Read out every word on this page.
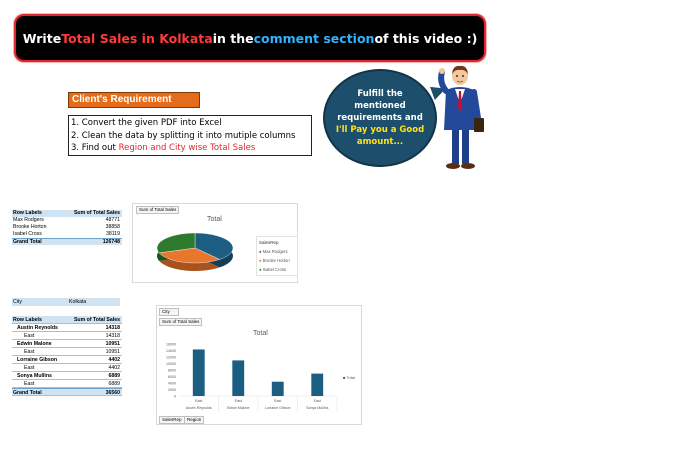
Write Total Sales in Kolkata in the comment section of this video :)
Client's Requirement
1. Convert the given PDF into Excel
2. Clean the data by splitting it into mutiple columns
3. Find out Region and City wise Total Sales
Fulfill the mentioned requirements and I'll Pay you a Good amount...
Row Labels	Sum of Total Sales
Max Rodgers	48771
Brooke Horton	38858
Isabel Cross	38119
Grand Total	126748
Sum of Total Sales
Total
SalesRep
● Max Rodgers
● Brooke Horton
● Isabel Cross
City	Kolkata
Row Labels	Sum of Total Sales
Austin Reynolds	14318
East	14318
Edwin Malone	10951
East	10951
Lorraine Gibson	4402
East	4402
Sonya Mullins	6889
East	6889
Grand Total	36560
City
Sum of Total Sales
Total
16000
14000
12000
10000
8000
6000
4000
2000
0
East
Austin Reynolds
East
Edwin Malone
East
Lorraine Gibson
East
Sonya Mullins
■ Total
SalesRep	Region
